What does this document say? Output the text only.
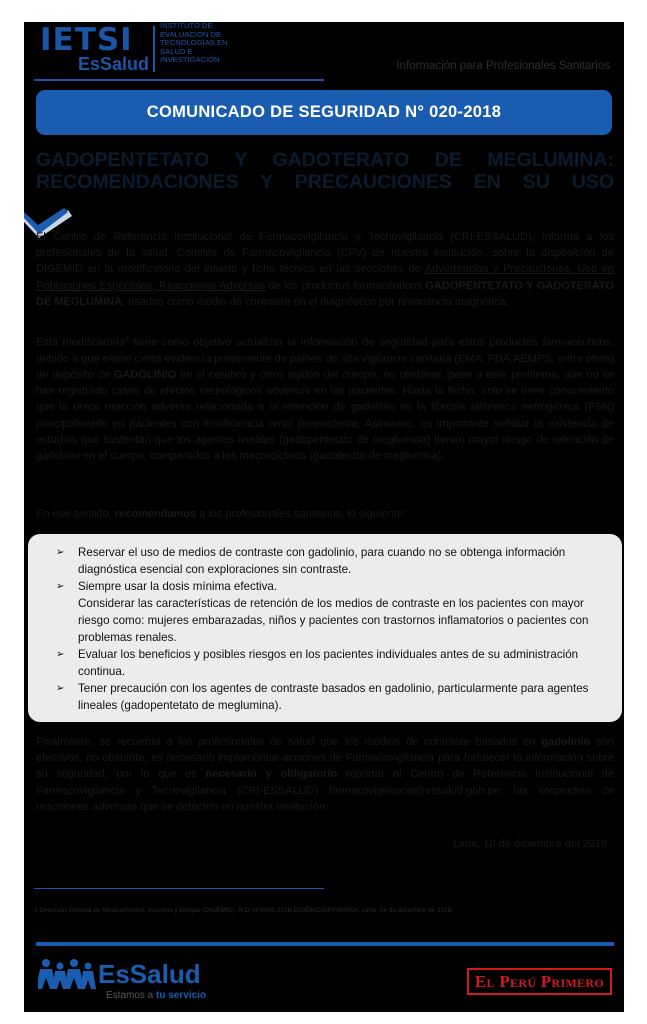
IETSI
EsSalud
INSTITUTO DE
EVALUACIÓN DE
TECNOLOGÍAS EN
SALUD E
INVESTIGACIÓN
Información para Profesionales Sanitarios
COMUNICADO DE SEGURIDAD N° 020-2018
GADOPENTETATO Y GADOTERATO DE MEGLUMINA: RECOMENDACIONES Y PRECAUCIONES EN SU USO

El Centro de Referencia Institucional de Farmacovigilancia y Tecnovigilancia (CRI-ESSALUD), informa a los profesionales de la salud, Comités de Farmacovigilancia (CFV) de nuestra institución, sobre la disposición de DIGEMID en la modificatoria del inserto y ficha técnica en las secciones de Advertencias y Precauciones, Uso en Poblaciones Especiales, Reacciones Adversas de los productos farmacéuticos GADOPENTETATO Y GADOTERATO DE MEGLUMINA, usados como medio de contraste en el diagnóstico por resonancia magnética.

Esta modificatoria$^1$ tiene como objetivo actualizar la información de seguridad para estos productos farmacéuticos, debido a que existe cierta evidencia proveniente de países de alta vigilancia sanitaria (EMA, FDA,AEMPS, entre otros) de depósito de GADOLINIO en el cerebro y otros tejidos del cuerpo, no obstante, pese a este problema, aún no se han registrado casos de efectos neurológicos adversos en los pacientes. Hasta la fecha, solo se tiene conocimiento que la única reacción adversa relacionada a la retención de gadolinio es la fibrosis sistémica nefrogénica (FSN) principalmente en pacientes con insuficiencia renal preexistente. Asimismo, es importante señalar la existencia de estudios que sustentan que los agentes lineales (gadopentetato de meglumina) tienen mayor riesgo de retención de gadolinio en el cuerpo, comparados a los macrocíclicos (gadoterato de meglumina).

En ese sentido, recomendamos a los profesionales sanitarios, lo siguiente:

➢ Reservar el uso de medios de contraste con gadolinio, para cuando no se obtenga información diagnóstica esencial con exploraciones sin contraste.
➢ Siempre usar la dosis mínima efectiva.
Considerar las características de retención de los medios de contraste en los pacientes con mayor riesgo como: mujeres embarazadas, niños y pacientes con trastornos inflamatorios o pacientes con problemas renales.
➢ Evaluar los beneficios y posibles riesgos en los pacientes individuales antes de su administración continua.
➢ Tener precaución con los agentes de contraste basados en gadolinio, particularmente para agentes lineales (gadopentetato de meglumina).

Finalmente, se recuerda a los profesionales de salud que los medios de contraste basados en gadolinio son efectivos, no obstante, es necesario implementar acciones de Farmacovigilancia para fortalecer la información sobre su seguridad, por lo que es necesario y obligatorio reportar al Centro de Referencia Institucional de Farmacovigilancia y Tecnovigilancia (CRI-ESSALUD) farmacovigilancia@essalud.gob.pe; las sospechas de reacciones adversas que se detecten en nuestra institución.

Lima, 10 de diciembre del 2018.
1 Dirección General de Medicamentos, Insumos y Drogas (DIGEMID). R.D. N°8046-2018-DIGEMID/DPF/MIRSA. Lima, 04 de diciembre de 2018.
EsSalud
Estamos a tu servicio
El Perú Primero
